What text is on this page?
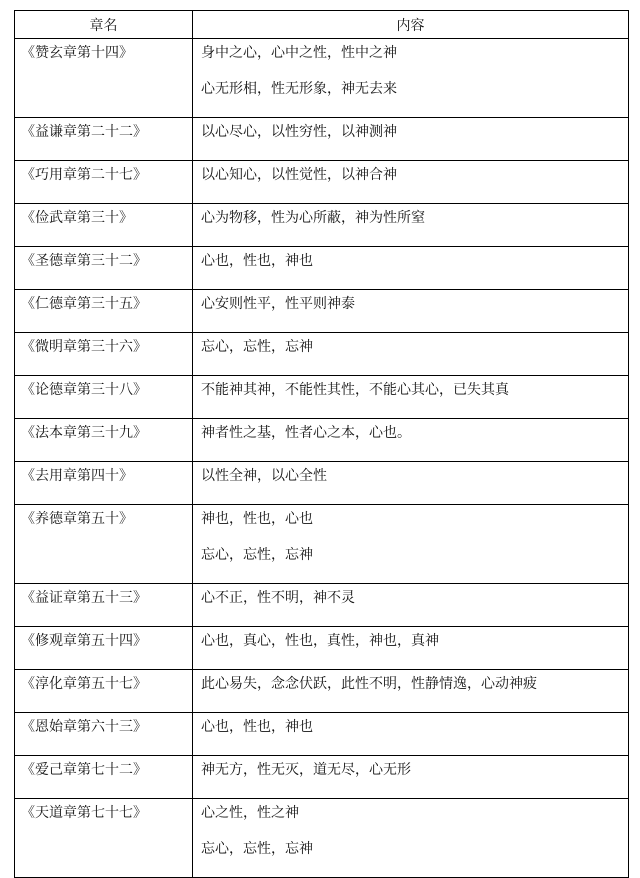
章名	内容

《赞玄章第十四》	身中之心，心中之性，性中之神
心无形相，性无形象，神无去来

《益谦章第二十二》	以心尽心，以性穷性，以神测神

《巧用章第二十七》	以心知心，以性觉性，以神合神

《俭武章第三十》	心为物移，性为心所蔽，神为性所窒

《圣德章第三十二》	心也，性也，神也

《仁德章第三十五》	心安则性平，性平则神泰

《微明章第三十六》	忘心，忘性，忘神

《论德章第三十八》	不能神其神，不能性其性，不能心其心，已失其真

《法本章第三十九》	神者性之基，性者心之本，心也。

《去用章第四十》	以性全神，以心全性

《养德章第五十》	神也，性也，心也
忘心，忘性，忘神

《益证章第五十三》	心不正，性不明，神不灵

《修观章第五十四》	心也，真心，性也，真性，神也，真神

《淳化章第五十七》	此心易失，念念伏跃，此性不明，性静情逸，心动神疲

《恩始章第六十三》	心也，性也，神也

《爱己章第七十二》	神无方，性无灭，道无尽，心无形

《天道章第七十七》	心之性，性之神
忘心，忘性，忘神
